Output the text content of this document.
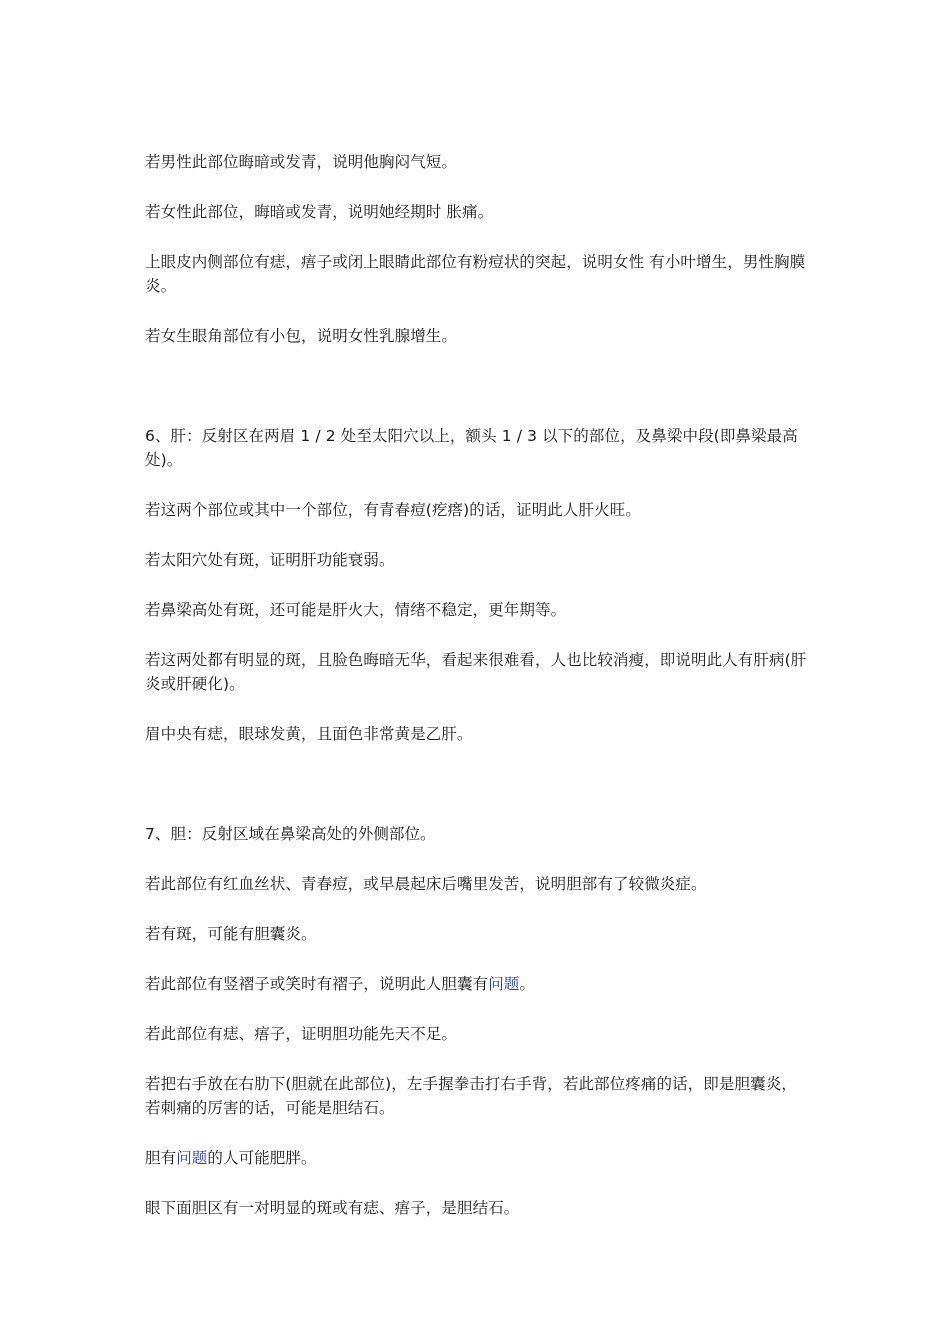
若男性此部位晦暗或发青，说明他胸闷气短。

若女性此部位，晦暗或发青，说明她经期时 胀痛。

上眼皮内侧部位有痣，痦子或闭上眼睛此部位有粉痘状的突起，说明女性 有小叶增生，男性胸膜炎。

若女生眼角部位有小包，说明女性乳腺增生。

6、肝：反射区在两眉 1 / 2 处至太阳穴以上，额头 1 / 3 以下的部位，及鼻梁中段(即鼻梁最高处)。

若这两个部位或其中一个部位，有青春痘(疙瘩)的话，证明此人肝火旺。

若太阳穴处有斑，证明肝功能衰弱。

若鼻梁高处有斑，还可能是肝火大，情绪不稳定，更年期等。

若这两处都有明显的斑，且脸色晦暗无华，看起来很难看，人也比较消瘦，即说明此人有肝病(肝炎或肝硬化)。

眉中央有痣，眼球发黄，且面色非常黄是乙肝。

7、胆：反射区域在鼻梁高处的外侧部位。

若此部位有红血丝状、青春痘，或早晨起床后嘴里发苦，说明胆部有了较微炎症。

若有斑，可能有胆囊炎。

若此部位有竖褶子或笑时有褶子，说明此人胆囊有问题。

若此部位有痣、痦子，证明胆功能先天不足。

若把右手放在右肋下(胆就在此部位)，左手握拳击打右手背，若此部位疼痛的话，即是胆囊炎，若刺痛的厉害的话，可能是胆结石。

胆有问题的人可能肥胖。

眼下面胆区有一对明显的斑或有痣、痦子，是胆结石。
